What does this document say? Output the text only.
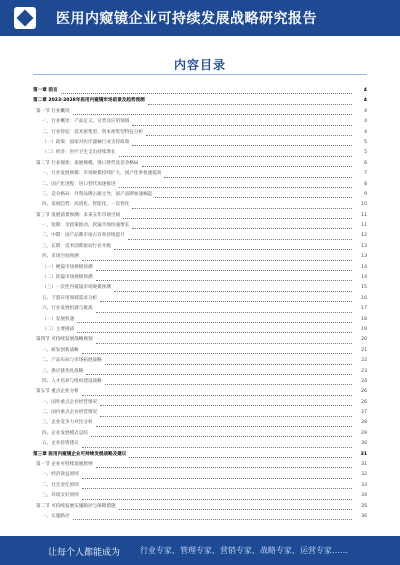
医用内窥镜企业可持续发展战略研究报告
内容目录
第一章 前言	4
第二章 2023-2028年医用内窥镜市场前景及趋势预测	4
第一节 行业概况	4
一、行业概述：产品定义、分类及应用领域	4
二、行业特征：技术密集型、资本密集型特征分析	4
（一）政策：国家对医疗器械行业支持政策	5
（二）经济：医疗卫生支出持续增长	5
第二节 行业现状：发展规模、进口替代及竞争格局	6
一、行业发展规模：市场规模持续扩大，国产化率快速提高	7
二、国产化进程：进口替代加速推进	8
三、竞争格局：外资品牌占据主导，国产品牌加速崛起	9
四、发展趋势：高清化、智能化、一次性化	10
第三节 发展前景预测：未来五年市场空间	11
一、短期：受政策推动，软镜市场快速增长	11
二、中期：国产品牌市场占有率持续提升	12
三、长期：技术创新驱动行业升级	13
四、市场空间预测	13
（一）硬镜市场规模预测	14
（二）软镜市场规模预测	14
（三）一次性内窥镜市场规模预测	15
五、下游应用领域需求分析	16
六、行业发展机遇与挑战	17
（一）发展机遇	18
（二）主要挑战	19
第四节 可持续发展战略规划	20
一、研发创新战略	21
二、产品布局与市场拓展战略	22
三、供应链优化战略	23
四、人才培养与组织建设战略	24
第五节 重点企业分析	26
一、国外重点企业经营情况	26
二、国内重点企业经营情况	27
三、企业竞争力对比分析	28
四、企业发展模式总结	29
五、企业投资建议	30
第三章 医用内窥镜企业可持续发展战略及建议	31
第一节 企业可持续发展原则	31
一、经济效益原则	32
二、社会责任原则	33
三、环境友好原则	34
第二节 可持续发展实施路径与保障措施	35
一、实施路径	36
让每个人都能成为 行业专家、管理专家、营销专家、战略专家、运营专家……
